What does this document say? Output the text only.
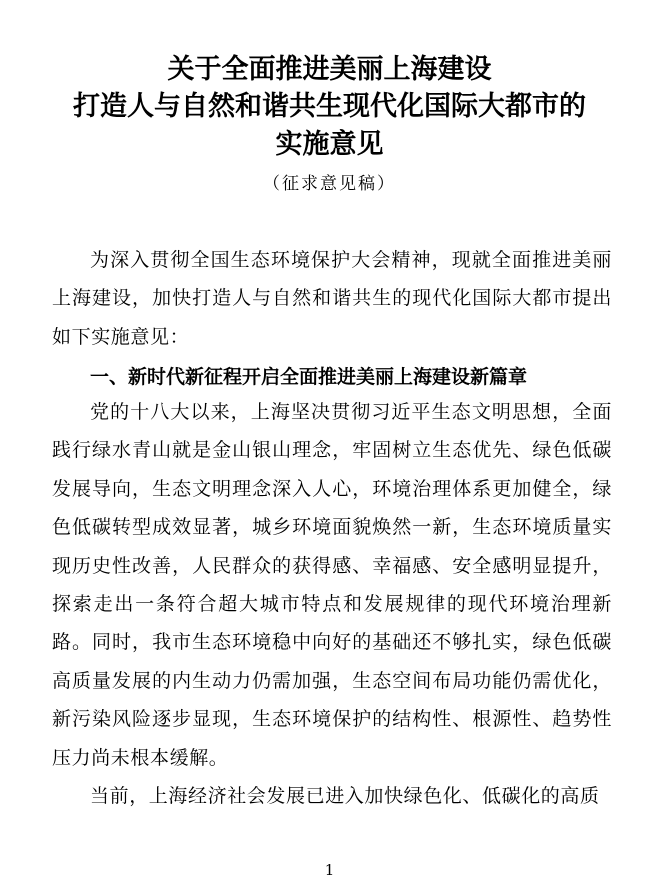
关于全面推进美丽上海建设
打造人与自然和谐共生现代化国际大都市的
实施意见
（征求意见稿）
为深入贯彻全国生态环境保护大会精神，现就全面推进美丽上海建设，加快打造人与自然和谐共生的现代化国际大都市提出如下实施意见：
一、新时代新征程开启全面推进美丽上海建设新篇章
党的十八大以来，上海坚决贯彻习近平生态文明思想，全面践行绿水青山就是金山银山理念，牢固树立生态优先、绿色低碳发展导向，生态文明理念深入人心，环境治理体系更加健全，绿色低碳转型成效显著，城乡环境面貌焕然一新，生态环境质量实现历史性改善，人民群众的获得感、幸福感、安全感明显提升，探索走出一条符合超大城市特点和发展规律的现代环境治理新路。同时，我市生态环境稳中向好的基础还不够扎实，绿色低碳高质量发展的内生动力仍需加强，生态空间布局功能仍需优化，新污染风险逐步显现，生态环境保护的结构性、根源性、趋势性压力尚未根本缓解。
当前，上海经济社会发展已进入加快绿色化、低碳化的高质
1
